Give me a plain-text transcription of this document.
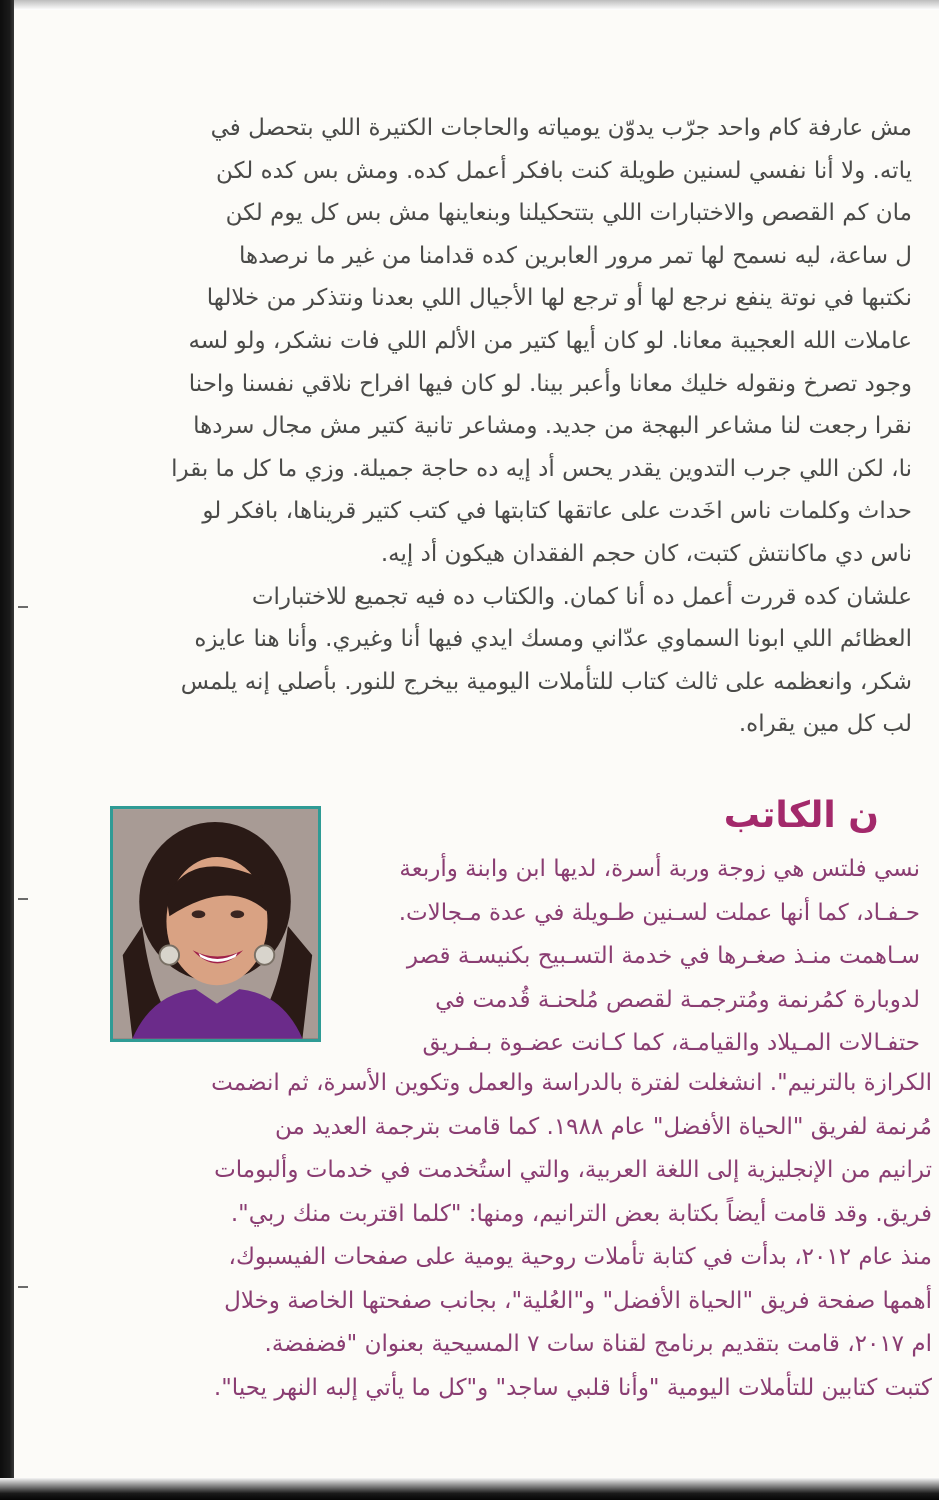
مش عارفة كام واحد جرّب يدوّن يومياته والحاجات الكتيرة اللي بتحصل في
ياته. ولا أنا نفسي لسنين طويلة كنت بافكر أعمل كده. ومش بس كده لكن
مان كم القصص والاختبارات اللي بتتحكيلنا وبنعاينها مش بس كل يوم لكن
ل ساعة، ليه نسمح لها تمر مرور العابرين كده قدامنا من غير ما نرصدها
نكتبها في نوتة ينفع نرجع لها أو ترجع لها الأجيال اللي بعدنا ونتذكر من خلالها
عاملات الله العجيبة معانا. لو كان أيها كتير من الألم اللي فات نشكر، ولو لسه
وجود تصرخ ونقوله خليك معانا وأعبر بينا. لو كان فيها افراح نلاقي نفسنا واحنا
نقرا رجعت لنا مشاعر البهجة من جديد. ومشاعر تانية كتير مش مجال سردها
نا، لكن اللي جرب التدوين يقدر يحس أد إيه ده حاجة جميلة. وزي ما كل ما بقرا
حداث وكلمات ناس اخَدت على عاتقها كتابتها في كتب كتير قريناها، بافكر لو
ناس دي ماكانتش كتبت، كان حجم الفقدان هيكون أد إيه.
علشان كده قررت أعمل ده أنا كمان. والكتاب ده فيه تجميع للاختبارات
العظائم اللي ابونا السماوي عدّاني ومسك ايدي فيها أنا وغيري. وأنا هنا عايزه
شكر، وانعظمه على ثالث كتاب للتأملات اليومية بيخرج للنور. بأصلي إنه يلمس
لب كل مين يقراه.
ن الكاتب
نسي فلتس هي زوجة وربة أسرة، لديها ابن وابنة وأربعة
حـفـاد، كما أنها عملت لسـنين طـويلة في عدة مـجالات.
سـاهمت منـذ صغـرها في خدمة التسـبيح بكنيسـة قصر
لدوبارة كمُرنمة ومُترجمـة لقصص مُلحنـة قُدمت في
حتفـالات المـيلاد والقيامـة، كما كـانت عضـوة بـفـريق
الكرازة بالترنيم". انشغلت لفترة بالدراسة والعمل وتكوين الأسرة، ثم انضمت
مُرنمة لفريق "الحياة الأفضل" عام ١٩٨٨. كما قامت بترجمة العديد من
ترانيم من الإنجليزية إلى اللغة العربية، والتي استُخدمت في خدمات وألبومات
فريق. وقد قامت أيضاً بكتابة بعض الترانيم، ومنها: "كلما اقتربت منك ربي".
منذ عام ٢٠١٢، بدأت في كتابة تأملات روحية يومية على صفحات الفيسبوك،
أهمها صفحة فريق "الحياة الأفضل" و"العُلية"، بجانب صفحتها الخاصة وخلال
ام ٢٠١٧، قامت بتقديم برنامج لقناة سات ٧ المسيحية بعنوان "فضفضة.
كتبت كتابين للتأملات اليومية "وأنا قلبي ساجد" و"كل ما يأتي إلبه النهر يحيا".
